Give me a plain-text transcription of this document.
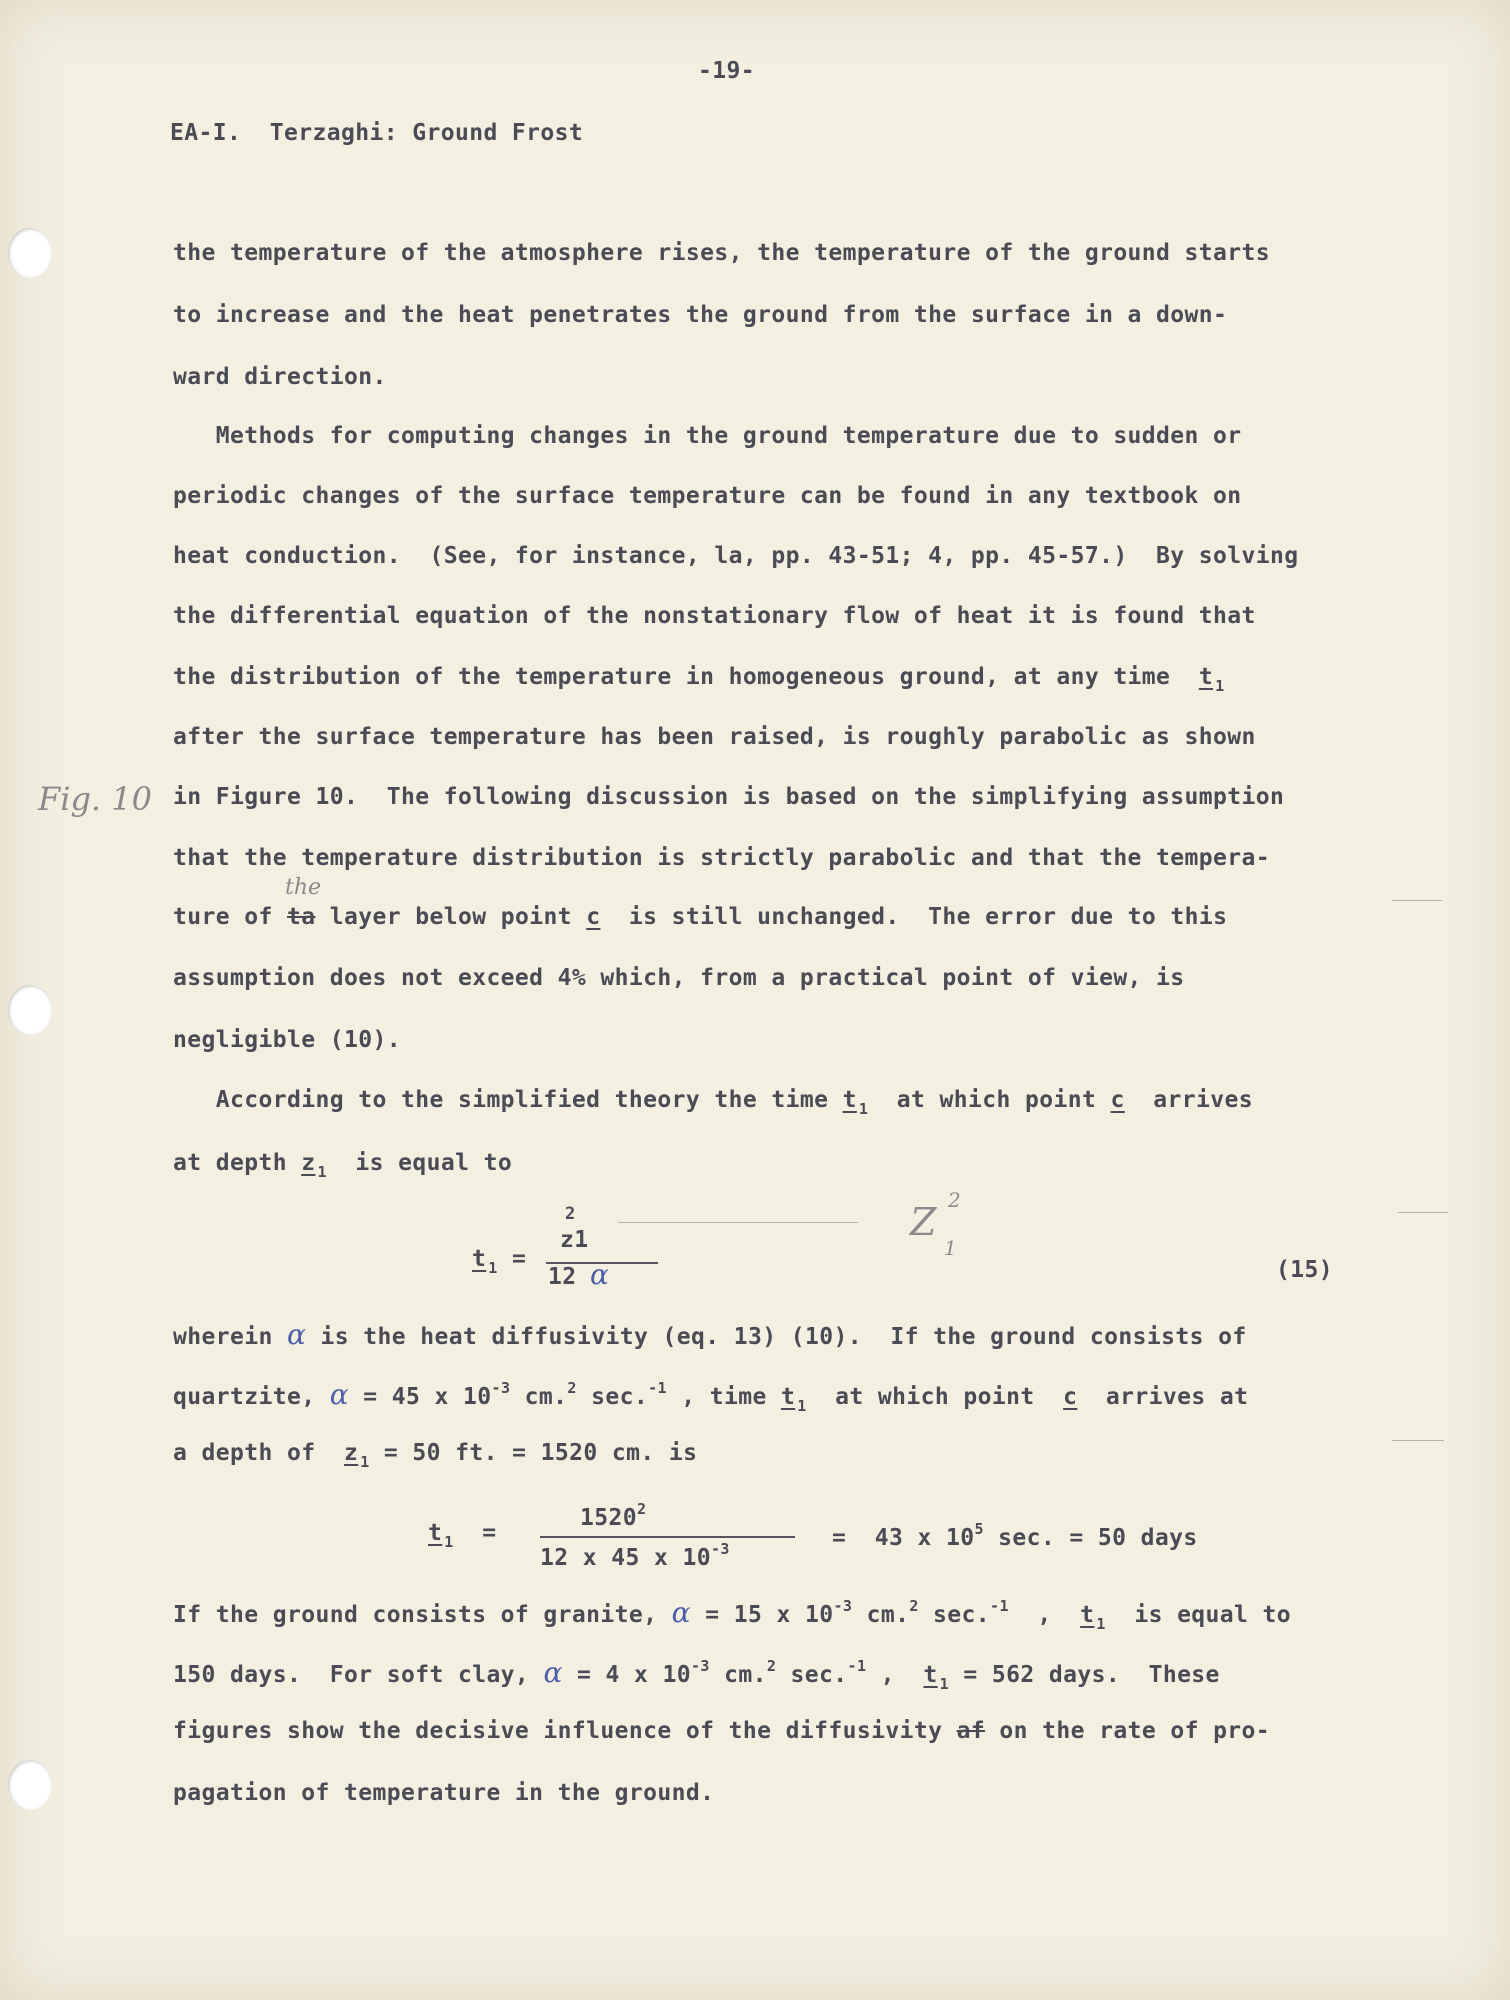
-19-
EA-I.  Terzaghi: Ground Frost
the temperature of the atmosphere rises, the temperature of the ground starts
to increase and the heat penetrates the ground from the surface in a down-
ward direction.
Methods for computing changes in the ground temperature due to sudden or
periodic changes of the surface temperature can be found in any textbook on
heat conduction.  (See, for instance, la, pp. 43-51; 4, pp. 45-57.)  By solving
the differential equation of the nonstationary flow of heat it is found that
the distribution of the temperature in homogeneous ground, at any time t $_1$
after the surface temperature has been raised, is roughly parabolic as shown
Fig. 10 in Figure 10.  The following discussion is based on the simplifying assumption
that the temperature distribution is strictly parabolic and that the tempera-
the
ture of ta layer below point c  is still unchanged.  The error due to this
assumption does not exceed 4% which, from a practical point of view, is
negligible (10).
According to the simplified theory the time t $_1$  at which point c  arrives
at depth z $_1$  is equal to
t $_1$ =
2
z1
12 α
Z 2
1
(15)
wherein α is the heat diffusivity (eq. 13) (10).  If the ground consists of
quartzite, α = 45 x $10^{-3}$ cm.$^2$ sec.$^{-1}$ , time t $_1$  at which point  c  arrives at
a depth of  z $_1$ = 50 ft. = 1520 cm. is
t $_1$ =
$1520^2$
12 x 45 x $10^{-3}$	=  43 x $10^5$ sec. = 50 days
If the ground consists of granite, α = 15 x $10^{-3}$ cm.$^2$ sec.$^{-1}$  ,  t $_1$  is equal to
150 days.  For soft clay, α = 4 x $10^{-3}$ cm.$^2$ sec.$^{-1}$ ,  t $_1$ = 562 days.  These
figures show the decisive influence of the diffusivity af on the rate of pro-
pagation of temperature in the ground.
